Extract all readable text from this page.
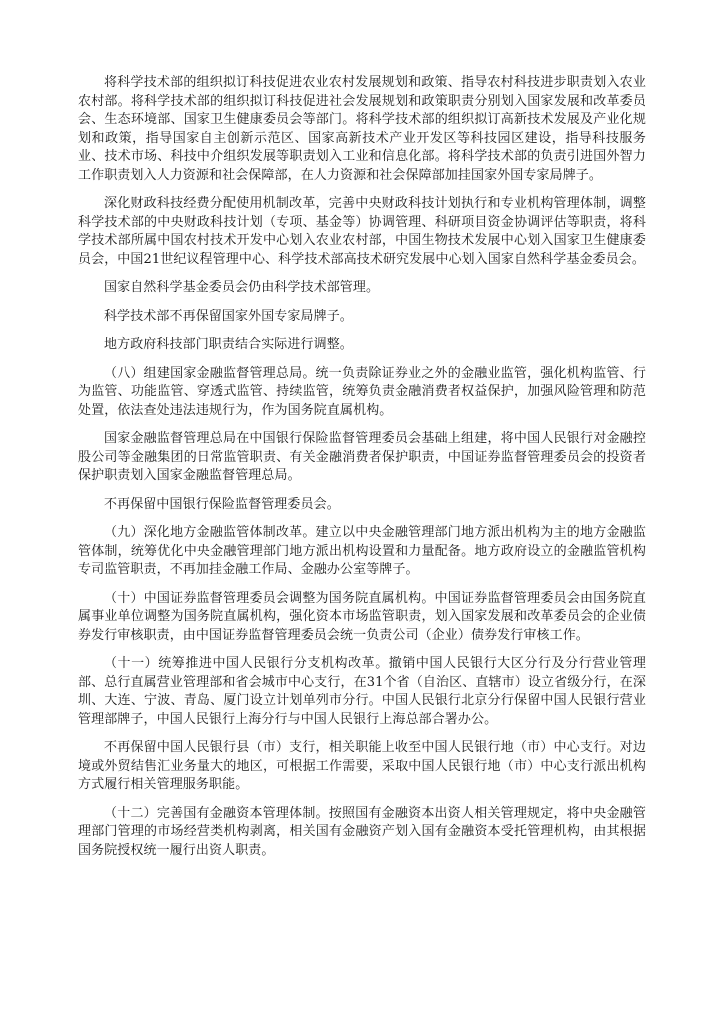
将科学技术部的组织拟订科技促进农业农村发展规划和政策、指导农村科技进步职责划入农业农村部。将科学技术部的组织拟订科技促进社会发展规划和政策职责分别划入国家发展和改革委员会、生态环境部、国家卫生健康委员会等部门。将科学技术部的组织拟订高新技术发展及产业化规划和政策，指导国家自主创新示范区、国家高新技术产业开发区等科技园区建设，指导科技服务业、技术市场、科技中介组织发展等职责划入工业和信息化部。将科学技术部的负责引进国外智力工作职责划入人力资源和社会保障部，在人力资源和社会保障部加挂国家外国专家局牌子。

深化财政科技经费分配使用机制改革，完善中央财政科技计划执行和专业机构管理体制，调整科学技术部的中央财政科技计划（专项、基金等）协调管理、科研项目资金协调评估等职责，将科学技术部所属中国农村技术开发中心划入农业农村部，中国生物技术发展中心划入国家卫生健康委员会，中国21世纪议程管理中心、科学技术部高技术研究发展中心划入国家自然科学基金委员会。

国家自然科学基金委员会仍由科学技术部管理。

科学技术部不再保留国家外国专家局牌子。

地方政府科技部门职责结合实际进行调整。

（八）组建国家金融监督管理总局。统一负责除证券业之外的金融业监管，强化机构监管、行为监管、功能监管、穿透式监管、持续监管，统筹负责金融消费者权益保护，加强风险管理和防范处置，依法查处违法违规行为，作为国务院直属机构。

国家金融监督管理总局在中国银行保险监督管理委员会基础上组建，将中国人民银行对金融控股公司等金融集团的日常监管职责、有关金融消费者保护职责，中国证券监督管理委员会的投资者保护职责划入国家金融监督管理总局。

不再保留中国银行保险监督管理委员会。

（九）深化地方金融监管体制改革。建立以中央金融管理部门地方派出机构为主的地方金融监管体制，统筹优化中央金融管理部门地方派出机构设置和力量配备。地方政府设立的金融监管机构专司监管职责，不再加挂金融工作局、金融办公室等牌子。

（十）中国证券监督管理委员会调整为国务院直属机构。中国证券监督管理委员会由国务院直属事业单位调整为国务院直属机构，强化资本市场监管职责，划入国家发展和改革委员会的企业债券发行审核职责，由中国证券监督管理委员会统一负责公司（企业）债券发行审核工作。

（十一）统筹推进中国人民银行分支机构改革。撤销中国人民银行大区分行及分行营业管理部、总行直属营业管理部和省会城市中心支行，在31个省（自治区、直辖市）设立省级分行，在深圳、大连、宁波、青岛、厦门设立计划单列市分行。中国人民银行北京分行保留中国人民银行营业管理部牌子，中国人民银行上海分行与中国人民银行上海总部合署办公。

不再保留中国人民银行县（市）支行，相关职能上收至中国人民银行地（市）中心支行。对边境或外贸结售汇业务量大的地区，可根据工作需要，采取中国人民银行地（市）中心支行派出机构方式履行相关管理服务职能。

（十二）完善国有金融资本管理体制。按照国有金融资本出资人相关管理规定，将中央金融管理部门管理的市场经营类机构剥离，相关国有金融资产划入国有金融资本受托管理机构，由其根据国务院授权统一履行出资人职责。
